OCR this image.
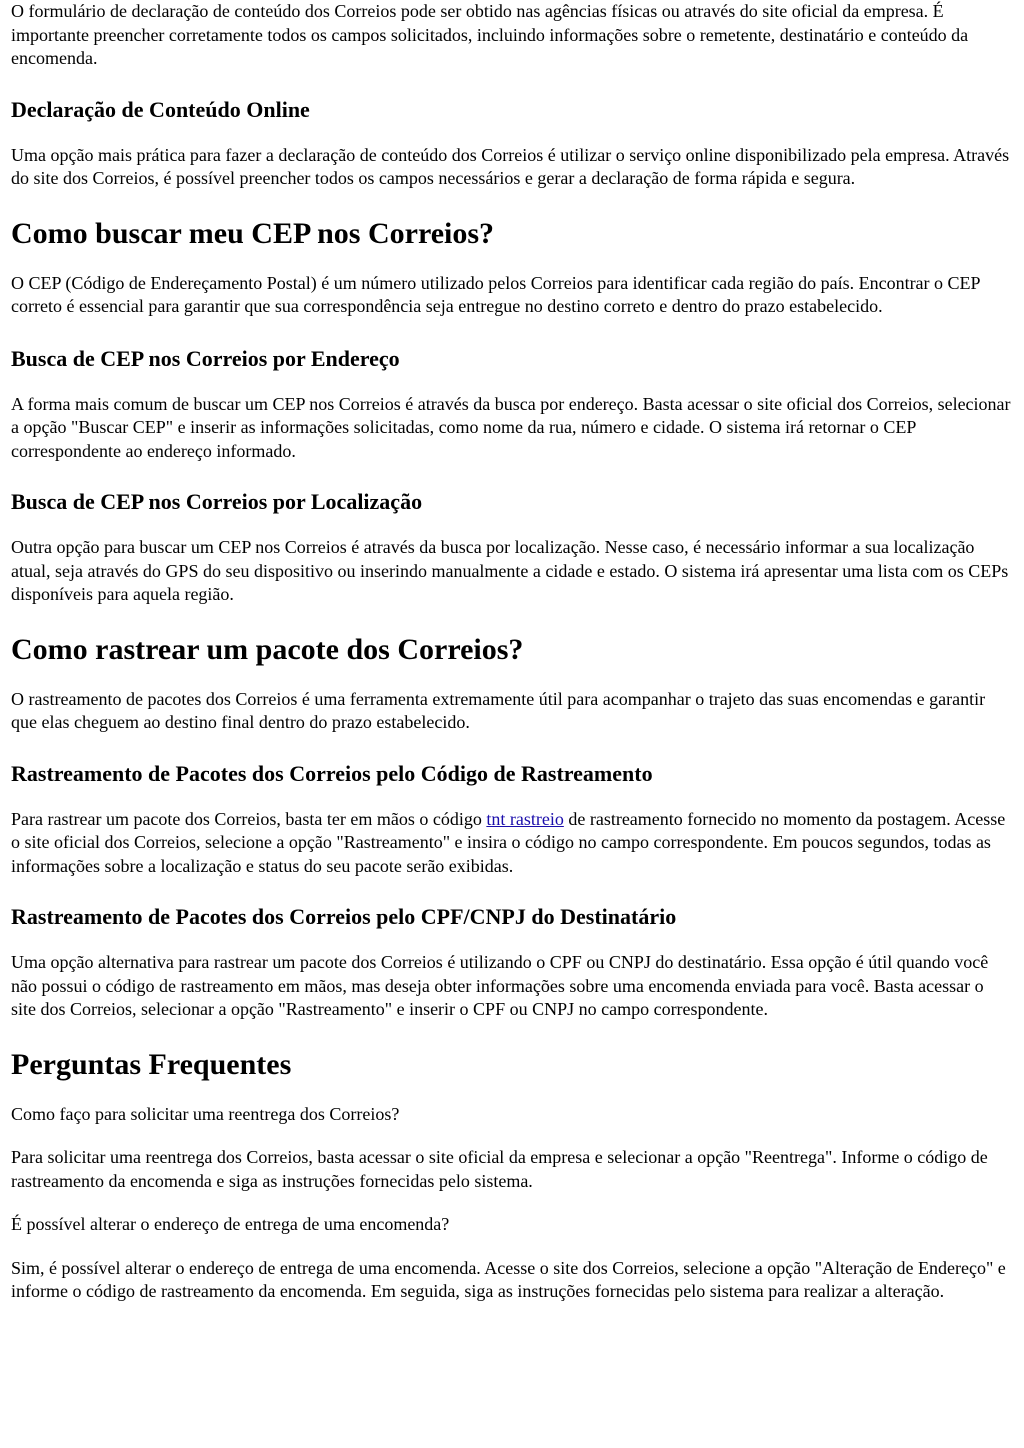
O formulário de declaração de conteúdo dos Correios pode ser obtido nas agências físicas ou através do site oficial da empresa. É importante preencher corretamente todos os campos solicitados, incluindo informações sobre o remetente, destinatário e conteúdo da encomenda.

Declaração de Conteúdo Online

Uma opção mais prática para fazer a declaração de conteúdo dos Correios é utilizar o serviço online disponibilizado pela empresa. Através do site dos Correios, é possível preencher todos os campos necessários e gerar a declaração de forma rápida e segura.

Como buscar meu CEP nos Correios?

O CEP (Código de Endereçamento Postal) é um número utilizado pelos Correios para identificar cada região do país. Encontrar o CEP correto é essencial para garantir que sua correspondência seja entregue no destino correto e dentro do prazo estabelecido.

Busca de CEP nos Correios por Endereço

A forma mais comum de buscar um CEP nos Correios é através da busca por endereço. Basta acessar o site oficial dos Correios, selecionar a opção "Buscar CEP" e inserir as informações solicitadas, como nome da rua, número e cidade. O sistema irá retornar o CEP correspondente ao endereço informado.

Busca de CEP nos Correios por Localização

Outra opção para buscar um CEP nos Correios é através da busca por localização. Nesse caso, é necessário informar a sua localização atual, seja através do GPS do seu dispositivo ou inserindo manualmente a cidade e estado. O sistema irá apresentar uma lista com os CEPs disponíveis para aquela região.

Como rastrear um pacote dos Correios?

O rastreamento de pacotes dos Correios é uma ferramenta extremamente útil para acompanhar o trajeto das suas encomendas e garantir que elas cheguem ao destino final dentro do prazo estabelecido.

Rastreamento de Pacotes dos Correios pelo Código de Rastreamento

Para rastrear um pacote dos Correios, basta ter em mãos o código tnt rastreio de rastreamento fornecido no momento da postagem. Acesse o site oficial dos Correios, selecione a opção "Rastreamento" e insira o código no campo correspondente. Em poucos segundos, todas as informações sobre a localização e status do seu pacote serão exibidas.

Rastreamento de Pacotes dos Correios pelo CPF/CNPJ do Destinatário

Uma opção alternativa para rastrear um pacote dos Correios é utilizando o CPF ou CNPJ do destinatário. Essa opção é útil quando você não possui o código de rastreamento em mãos, mas deseja obter informações sobre uma encomenda enviada para você. Basta acessar o site dos Correios, selecionar a opção "Rastreamento" e inserir o CPF ou CNPJ no campo correspondente.

Perguntas Frequentes

Como faço para solicitar uma reentrega dos Correios?

Para solicitar uma reentrega dos Correios, basta acessar o site oficial da empresa e selecionar a opção "Reentrega". Informe o código de rastreamento da encomenda e siga as instruções fornecidas pelo sistema.

É possível alterar o endereço de entrega de uma encomenda?

Sim, é possível alterar o endereço de entrega de uma encomenda. Acesse o site dos Correios, selecione a opção "Alteração de Endereço" e informe o código de rastreamento da encomenda. Em seguida, siga as instruções fornecidas pelo sistema para realizar a alteração.
